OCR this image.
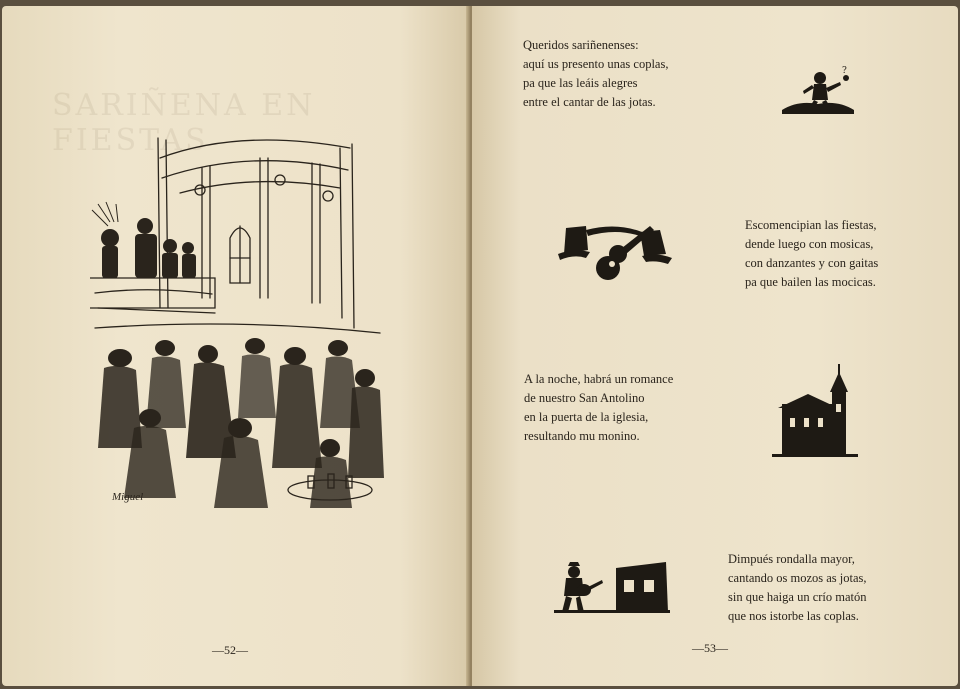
SARIÑENA EN FIESTAS
Miguel
—52—
Queridos sariñenenses:
aquí us presento unas coplas,
pa que las leáis alegres
entre el cantar de las jotas.
?
Escomencipian las fiestas,
dende luego con mosicas,
con danzantes y con gaitas
pa que bailen las mocicas.
A la noche, habrá un romance
de nuestro San Antolino
en la puerta de la iglesia,
resultando mu monino.
Dimpués rondalla mayor,
cantando os mozos as jotas,
sin que haiga un crío matón
que nos istorbe las coplas.
—53—
